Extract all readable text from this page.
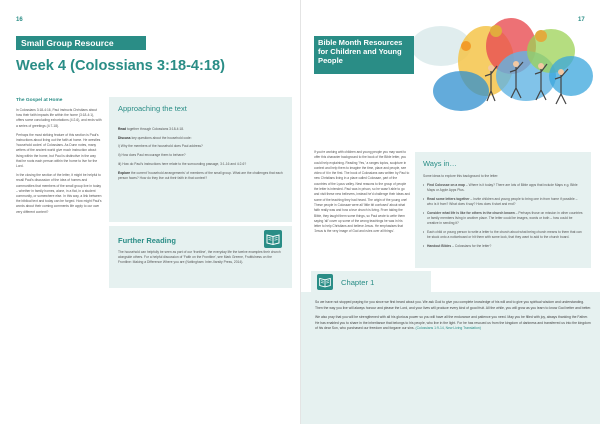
16
Small Group Resource
Week 4 (Colossians 3:18-4:18)
The Gospel at Home

In Colossians 3:18-4:16, Paul instructs Christians about how their faith impacts life within the home (3:18-4:1), offers some concluding exhortations (4:2-6), and ends with a series of greetings (4:7-18).

Perhaps the most striking feature of this section is Paul's instructions about living out the faith at home. He wrestles 'household codes' of Colossians. As Dunn notes, many writers of the ancient world give much instruction about living within the home, but Paul is distinctive in the way that he roots each person within the home to live for the Lord.

In the closing the section of the letter, it might be helpful to recall Paul's discussion of the idea of homes and communities that members of the small group live in today – whether in family homes, alone, in a flat, in a student community, or somewhere else. In this way, a link between the biblical text and today can be forged. How might Paul's words about their coming comments life apply to our own very different context?

Approaching the text

Read together through Colossians 3:18-4:18.

Discuss key questions about the household code:

i) Why the members of the household does Paul address?

ii) How does Paul encourage them to behave?

iii) How do Paul's instructions here relate to the surrounding passage, 3:1-16 and 4:2-6?

Explore the current 'household arrangements' of members of the small group. What are the challenges that each person faces? How do they live out their faith in that context?

Further Reading

The household can helpfully be seen as part of our 'frontline', the everyday life the twelve examples their church alongside others. For a helpful discussion of 'Faith on the Frontline', see Mark Greene, Fruitfulness on the Frontline: Making a Difference Where you are (Nottingham: Inter-Varsity Press, 2014).

17
Bible Month Resources for Children and Young People
If you're working with children and young people you may want to offer this character background to the book of the Bible letter, you could help explaining. Reading 'Yes,' a ranges topics, sculpture in context and help them to imagine the time, place and people, see video of it in the first. The book of Colossians was written by Paul to new Christians living in a place called Colossae, part of the countries of the Lycus valley. Nest reasons to the group of people the letter is intended. Paul was in prison, so he wasn't able to go and visit these new believers, instead he'd challenge their ideas and some of the teaching they had heard. The origin of the young one! These people in Colossae were all 'little bit confused' about what faith really was and how a true church is living. From taking the Bible, they taught them some things, so Paul wrote to write them saying 'all' cover up some of the wrong teachings he was in his letter to help Christians and believe Jesus. He emphasises that 'Jesus is the very image of God and rules over all things'.
Ways in…

Some ideas to explore this background to the letter:

• Find Colossae on a map – Where is it today? There are lots of Bible apps that include Maps e.g. Bible Maps or Apple Apps Plus.
• Read some letters together – Invite children and young people to bring one in from home if possible – who is it from? What does it say? How does it start and end?
• Consider what life is like for others in the church known – Perhaps those on mission in other countries or family members living in another place. The letter could be images, words or both – how could be creative in sending it?
• Each child or young person to write a letter to the church about what being church means to them that can be stuck onto a noticeboard or hit them with some look, that they want to add to the church board.
• Handout Bibles – Colossians for the letter?
Chapter 1

So we have not stopped praying for you since we first heard about you. We ask God to give you complete knowledge of his will and to give you spiritual wisdom and understanding. Then the way you live will always honour and please the Lord, and your lives will produce every kind of good fruit. All the while, you will grow as you learn to know God better and better.

We also pray that you will be strengthened with all his glorious power so you will have all the endurance and patience you need. May you be filled with joy, always thanking the Father. He has enabled you to share in the inheritance that belongs to his people, who live in the light. For he has rescued us from the kingdom of darkness and transferred us into the kingdom of his dear Son, who purchased our freedom and forgave our sins. (Colossians 1:9-14, New Living Translation)
